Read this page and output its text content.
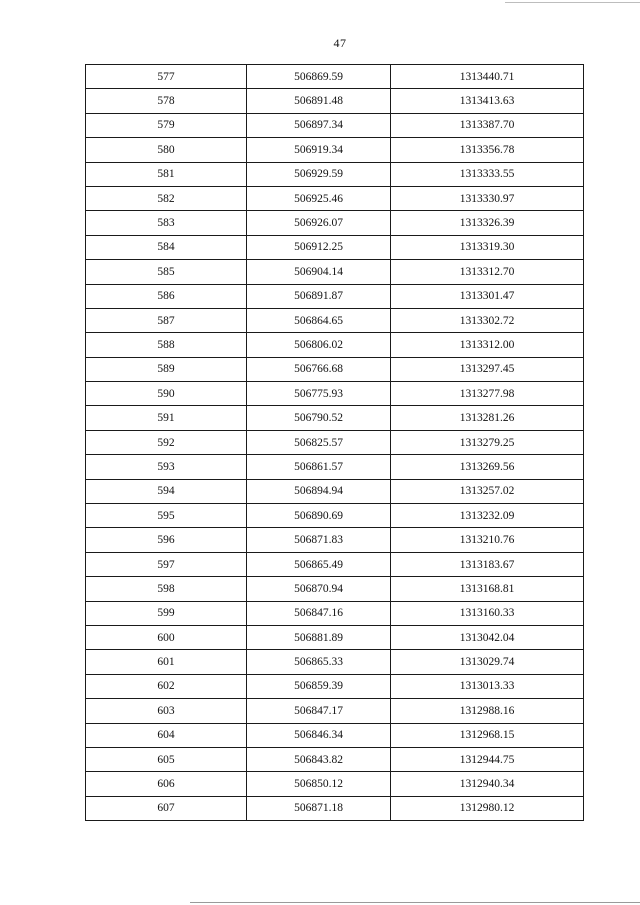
47
577	506869.59	1313440.71
578	506891.48	1313413.63
579	506897.34	1313387.70
580	506919.34	1313356.78
581	506929.59	1313333.55
582	506925.46	1313330.97
583	506926.07	1313326.39
584	506912.25	1313319.30
585	506904.14	1313312.70
586	506891.87	1313301.47
587	506864.65	1313302.72
588	506806.02	1313312.00
589	506766.68	1313297.45
590	506775.93	1313277.98
591	506790.52	1313281.26
592	506825.57	1313279.25
593	506861.57	1313269.56
594	506894.94	1313257.02
595	506890.69	1313232.09
596	506871.83	1313210.76
597	506865.49	1313183.67
598	506870.94	1313168.81
599	506847.16	1313160.33
600	506881.89	1313042.04
601	506865.33	1313029.74
602	506859.39	1313013.33
603	506847.17	1312988.16
604	506846.34	1312968.15
605	506843.82	1312944.75
606	506850.12	1312940.34
607	506871.18	1312980.12
